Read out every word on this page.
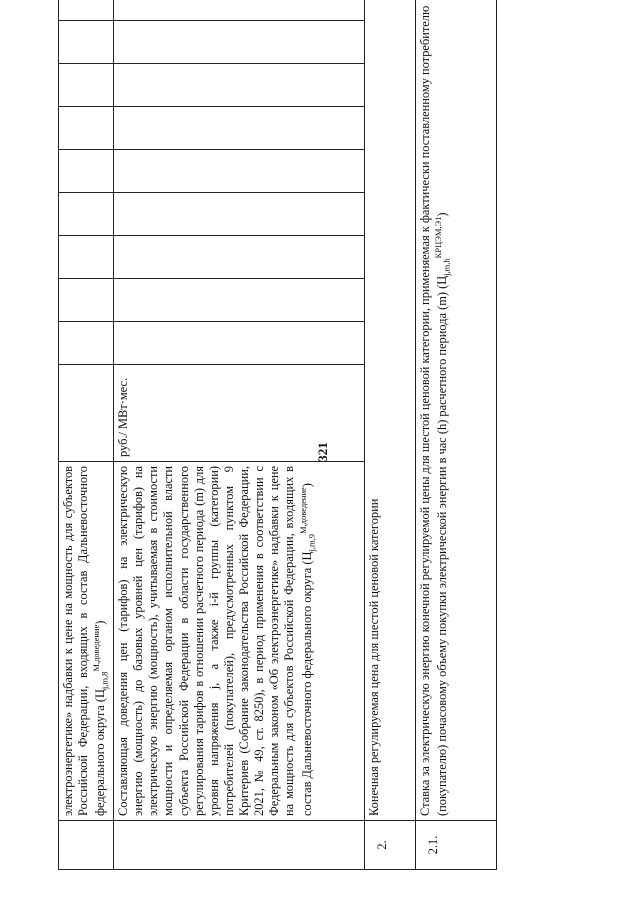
321
	электроэнергетике» надбавки к цене на мощность для субъектов Российской Федерации, входящих в состав Дальневосточного федерального округа $(Ц_{j,m,8}^{M,доведение})$											
	Составляющая доведения цен (тарифов) на электрическую энергию (мощность) до базовых уровней цен (тарифов) на электрическую энергию (мощность), учитываемая в стоимости мощности и определяемая органом исполнительной власти субъекта Российской Федерации в области государственного регулирования тарифов в отношении расчетного периода (m) для уровня напряжения j, а также i-й группы (категории) потребителей (покупателей), предусмотренных пунктом 9 Критериев (Собрание законодательства Российской Федерации, 2021, № 49, ст. 8250), в период применения в соответствии с Федеральным законом «Об электроэнергетике» надбавки к цене на мощность для субъектов Российской Федерации, входящих в состав Дальневосточного федерального округа $(Ц_{j,m,9}^{M,доведение})$	руб./ МВт·мес.										
2.	Конечная регулируемая цена для шестой ценовой категории											
2.1.	Ставка за электрическую энергию конечной регулируемой цены для шестой ценовой категории, применяемая к фактически поставленному потребителю (покупателю) почасовому объему покупки электрической энергии в час (h) расчетного периода (m) $(Ц_{j,m,h}^{КРЦЭМ,Э1})$											
